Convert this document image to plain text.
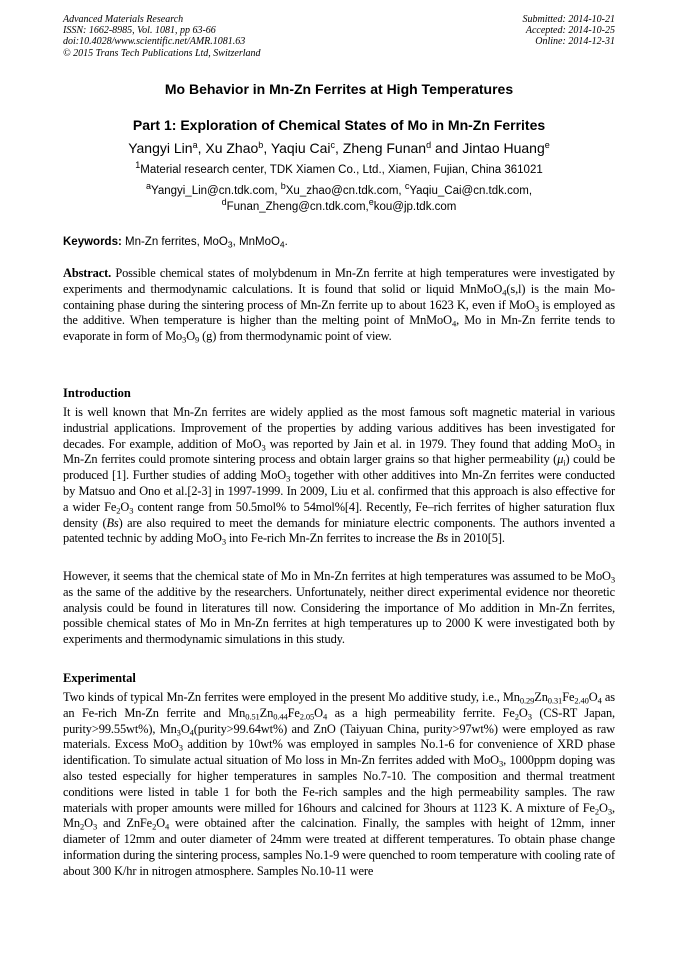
Advanced Materials Research
ISSN: 1662-8985, Vol. 1081, pp 63-66
doi:10.4028/www.scientific.net/AMR.1081.63
© 2015 Trans Tech Publications Ltd, Switzerland
Submitted: 2014-10-21
Accepted: 2014-10-25
Online: 2014-12-31
Mo Behavior in Mn-Zn Ferrites at High Temperatures
Part 1: Exploration of Chemical States of Mo in Mn-Zn Ferrites
Yangyi Lin$^a$, Xu Zhao$^b$, Yaqiu Cai$^c$, Zheng Funan$^d$ and Jintao Huang$^e$
$^1$Material research center, TDK Xiamen Co., Ltd., Xiamen, Fujian, China 361021
$^a$Yangyi_Lin@cn.tdk.com, $^b$Xu_zhao@cn.tdk.com, $^c$Yaqiu_Cai@cn.tdk.com,
$^d$Funan_Zheng@cn.tdk.com,$^e$kou@jp.tdk.com
Keywords: Mn-Zn ferrites, MoO$_3$, MnMoO$_4$.
Abstract. Possible chemical states of molybdenum in Mn-Zn ferrite at high temperatures were investigated by experiments and thermodynamic calculations. It is found that solid or liquid MnMoO$_4$(s,l) is the main Mo-containing phase during the sintering process of Mn-Zn ferrite up to about 1623 K, even if MoO$_3$ is employed as the additive. When temperature is higher than the melting point of MnMoO$_4$, Mo in Mn-Zn ferrite tends to evaporate in form of $Mo_3O_9$ (g) from thermodynamic point of view.
Introduction
It is well known that Mn-Zn ferrites are widely applied as the most famous soft magnetic material in various industrial applications. Improvement of the properties by adding various additives has been investigated for decades. For example, addition of MoO$_3$ was reported by Jain et al. in 1979. They found that adding MoO$_3$ in Mn-Zn ferrites could promote sintering process and obtain larger grains so that higher permeability $(\mu_i)$ could be produced [1]. Further studies of adding MoO$_3$ together with other additives into Mn-Zn ferrites were conducted by Matsuo and Ono et al.[2-3] in 1997-1999. In 2009, Liu et al. confirmed that this approach is also effective for a wider $Fe_2O_3$ content range from 50.5mol% to 54mol%[4]. Recently, Fe–rich ferrites of higher saturation flux density (Bs) are also required to meet the demands for miniature electric components. The authors invented a patented technic by adding MoO$_3$ into Fe-rich Mn-Zn ferrites to increase the Bs in 2010[5].
However, it seems that the chemical state of Mo in Mn-Zn ferrites at high temperatures was assumed to be MoO$_3$ as the same of the additive by the researchers. Unfortunately, neither direct experimental evidence nor theoretic analysis could be found in literatures till now. Considering the importance of Mo addition in Mn-Zn ferrites, possible chemical states of Mo in Mn-Zn ferrites at high temperatures up to 2000 K were investigated both by experiments and thermodynamic simulations in this study.
Experimental
Two kinds of typical Mn-Zn ferrites were employed in the present Mo additive study, i.e., $Mn_{0.29}Zn_{0.31}Fe_{2.40}O_4$ as an Fe-rich Mn-Zn ferrite and $Mn_{0.51}Zn_{0.44}Fe_{2.05}O_4$ as a high permeability ferrite. $Fe_2O_3$ (CS-RT Japan, purity>99.55wt%), $Mn_3O_4(purity>99.64wt\%)$ and ZnO (Taiyuan China, purity>97wt%) were employed as raw materials. Excess MoO$_3$ addition by 10wt% was employed in samples No.1-6 for convenience of XRD phase identification. To simulate actual situation of Mo loss in Mn-Zn ferrites added with MoO$_3$, 1000ppm doping was also tested especially for higher temperatures in samples No.7-10. The composition and thermal treatment conditions were listed in table 1 for both the Fe-rich samples and the high permeability samples. The raw materials with proper amounts were milled for 16hours and calcined for 3hours at 1123 K. A mixture of $Fe_2O_3$, $Mn_2O_3$ and $ZnFe_2O_4$ were obtained after the calcination. Finally, the samples with height of 12mm, inner diameter of 12mm and outer diameter of 24mm were treated at different temperatures. To obtain phase change information during the sintering process, samples No.1-9 were quenched to room temperature with cooling rate of about 300 K/hr in nitrogen atmosphere. Samples No.10-11 were
